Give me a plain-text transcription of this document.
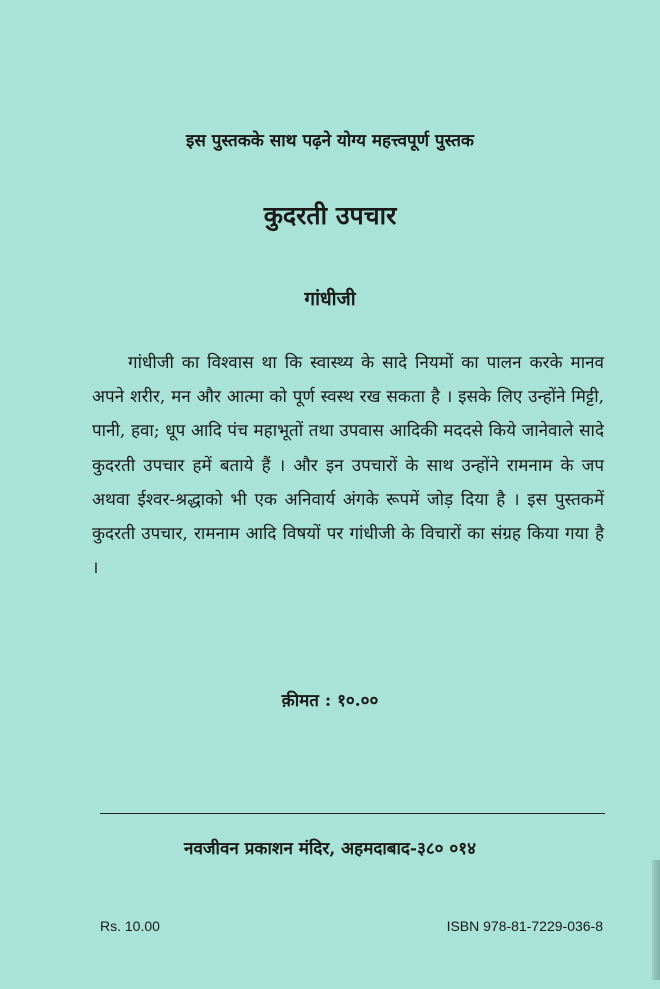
इस पुस्तकके साथ पढ़ने योग्य महत्त्वपूर्ण पुस्तक
कुदरती उपचार
गांधीजी
गांधीजी का विश्वास था कि स्वास्थ्य के सादे नियमों का पालन करके मानव अपने शरीर, मन और आत्मा को पूर्ण स्वस्थ रख सकता है । इसके लिए उन्होंने मिट्टी, पानी, हवा; धूप आदि पंच महाभूतों तथा उपवास आदिकी मददसे किये जानेवाले सादे कुदरती उपचार हमें बताये हैं । और इन उपचारों के साथ उन्होंने रामनाम के जप अथवा ईश्वर-श्रद्धाको भी एक अनिवार्य अंगके रूपमें जोड़ दिया है । इस पुस्तकमें कुदरती उपचार, रामनाम आदि विषयों पर गांधीजी के विचारों का संग्रह किया गया है ।
क़ीमत : १०.००
नवजीवन प्रकाशन मंदिर, अहमदाबाद-३८० ०१४
Rs. 10.00	ISBN 978-81-7229-036-8
